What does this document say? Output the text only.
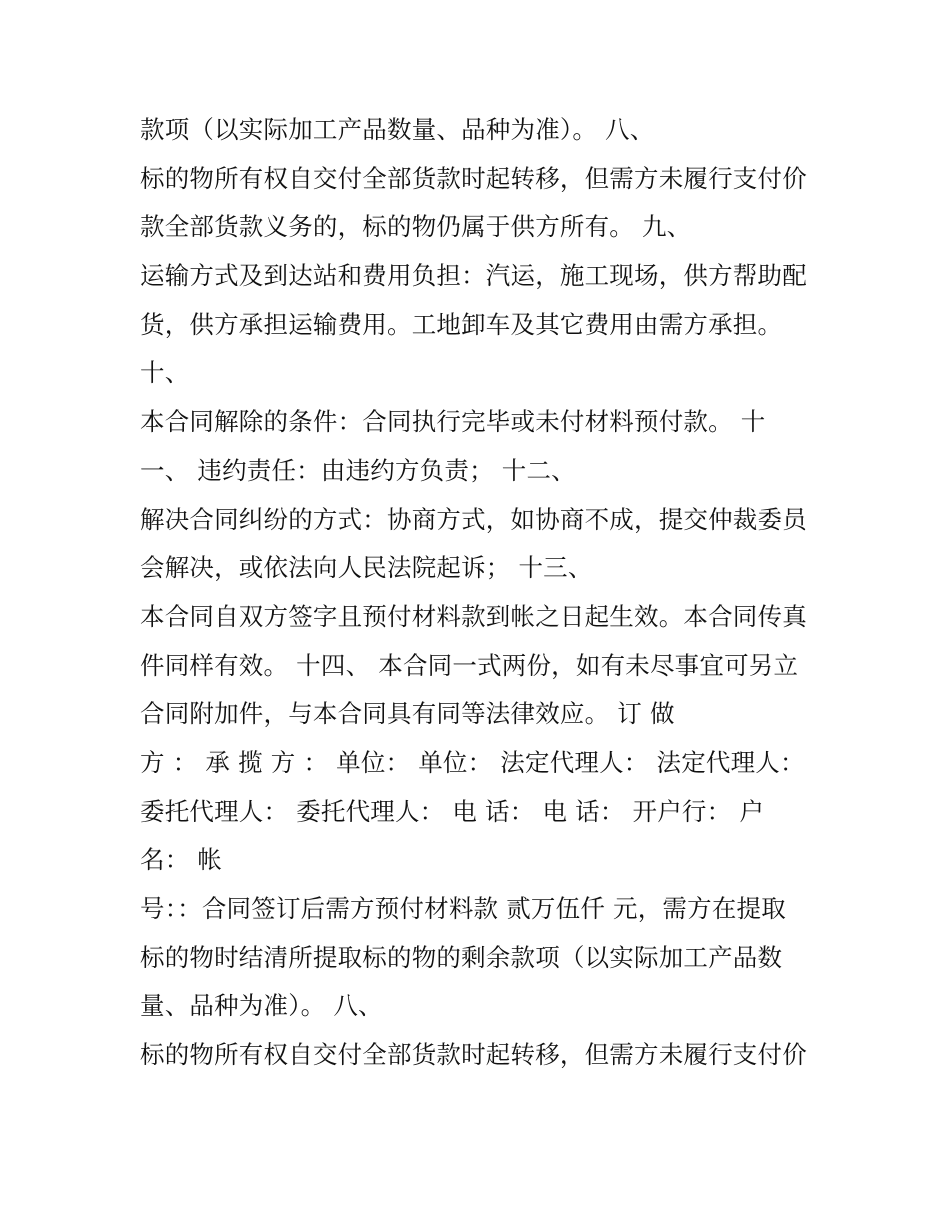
款项（以实际加工产品数量、品种为准）。 八、
标的物所有权自交付全部货款时起转移，但需方未履行支付价
款全部货款义务的，标的物仍属于供方所有。 九、
运输方式及到达站和费用负担：汽运，施工现场，供方帮助配
货，供方承担运输费用。工地卸车及其它费用由需方承担。
十、
本合同解除的条件：合同执行完毕或未付材料预付款。 十
一、 违约责任：由违约方负责； 十二、
解决合同纠纷的方式：协商方式，如协商不成，提交仲裁委员
会解决，或依法向人民法院起诉； 十三、
本合同自双方签字且预付材料款到帐之日起生效。本合同传真
件同样有效。 十四、 本合同一式两份，如有未尽事宜可另立
合同附加件，与本合同具有同等法律效应。 订 做
方 ： 承 揽 方 ： 单位： 单位： 法定代理人： 法定代理人：
委托代理人： 委托代理人： 电 话： 电 话： 开户行： 户
名： 帐
号：：合同签订后需方预付材料款 贰万伍仟 元，需方在提取
标的物时结清所提取标的物的剩余款项（以实际加工产品数
量、品种为准）。 八、
标的物所有权自交付全部货款时起转移，但需方未履行支付价
